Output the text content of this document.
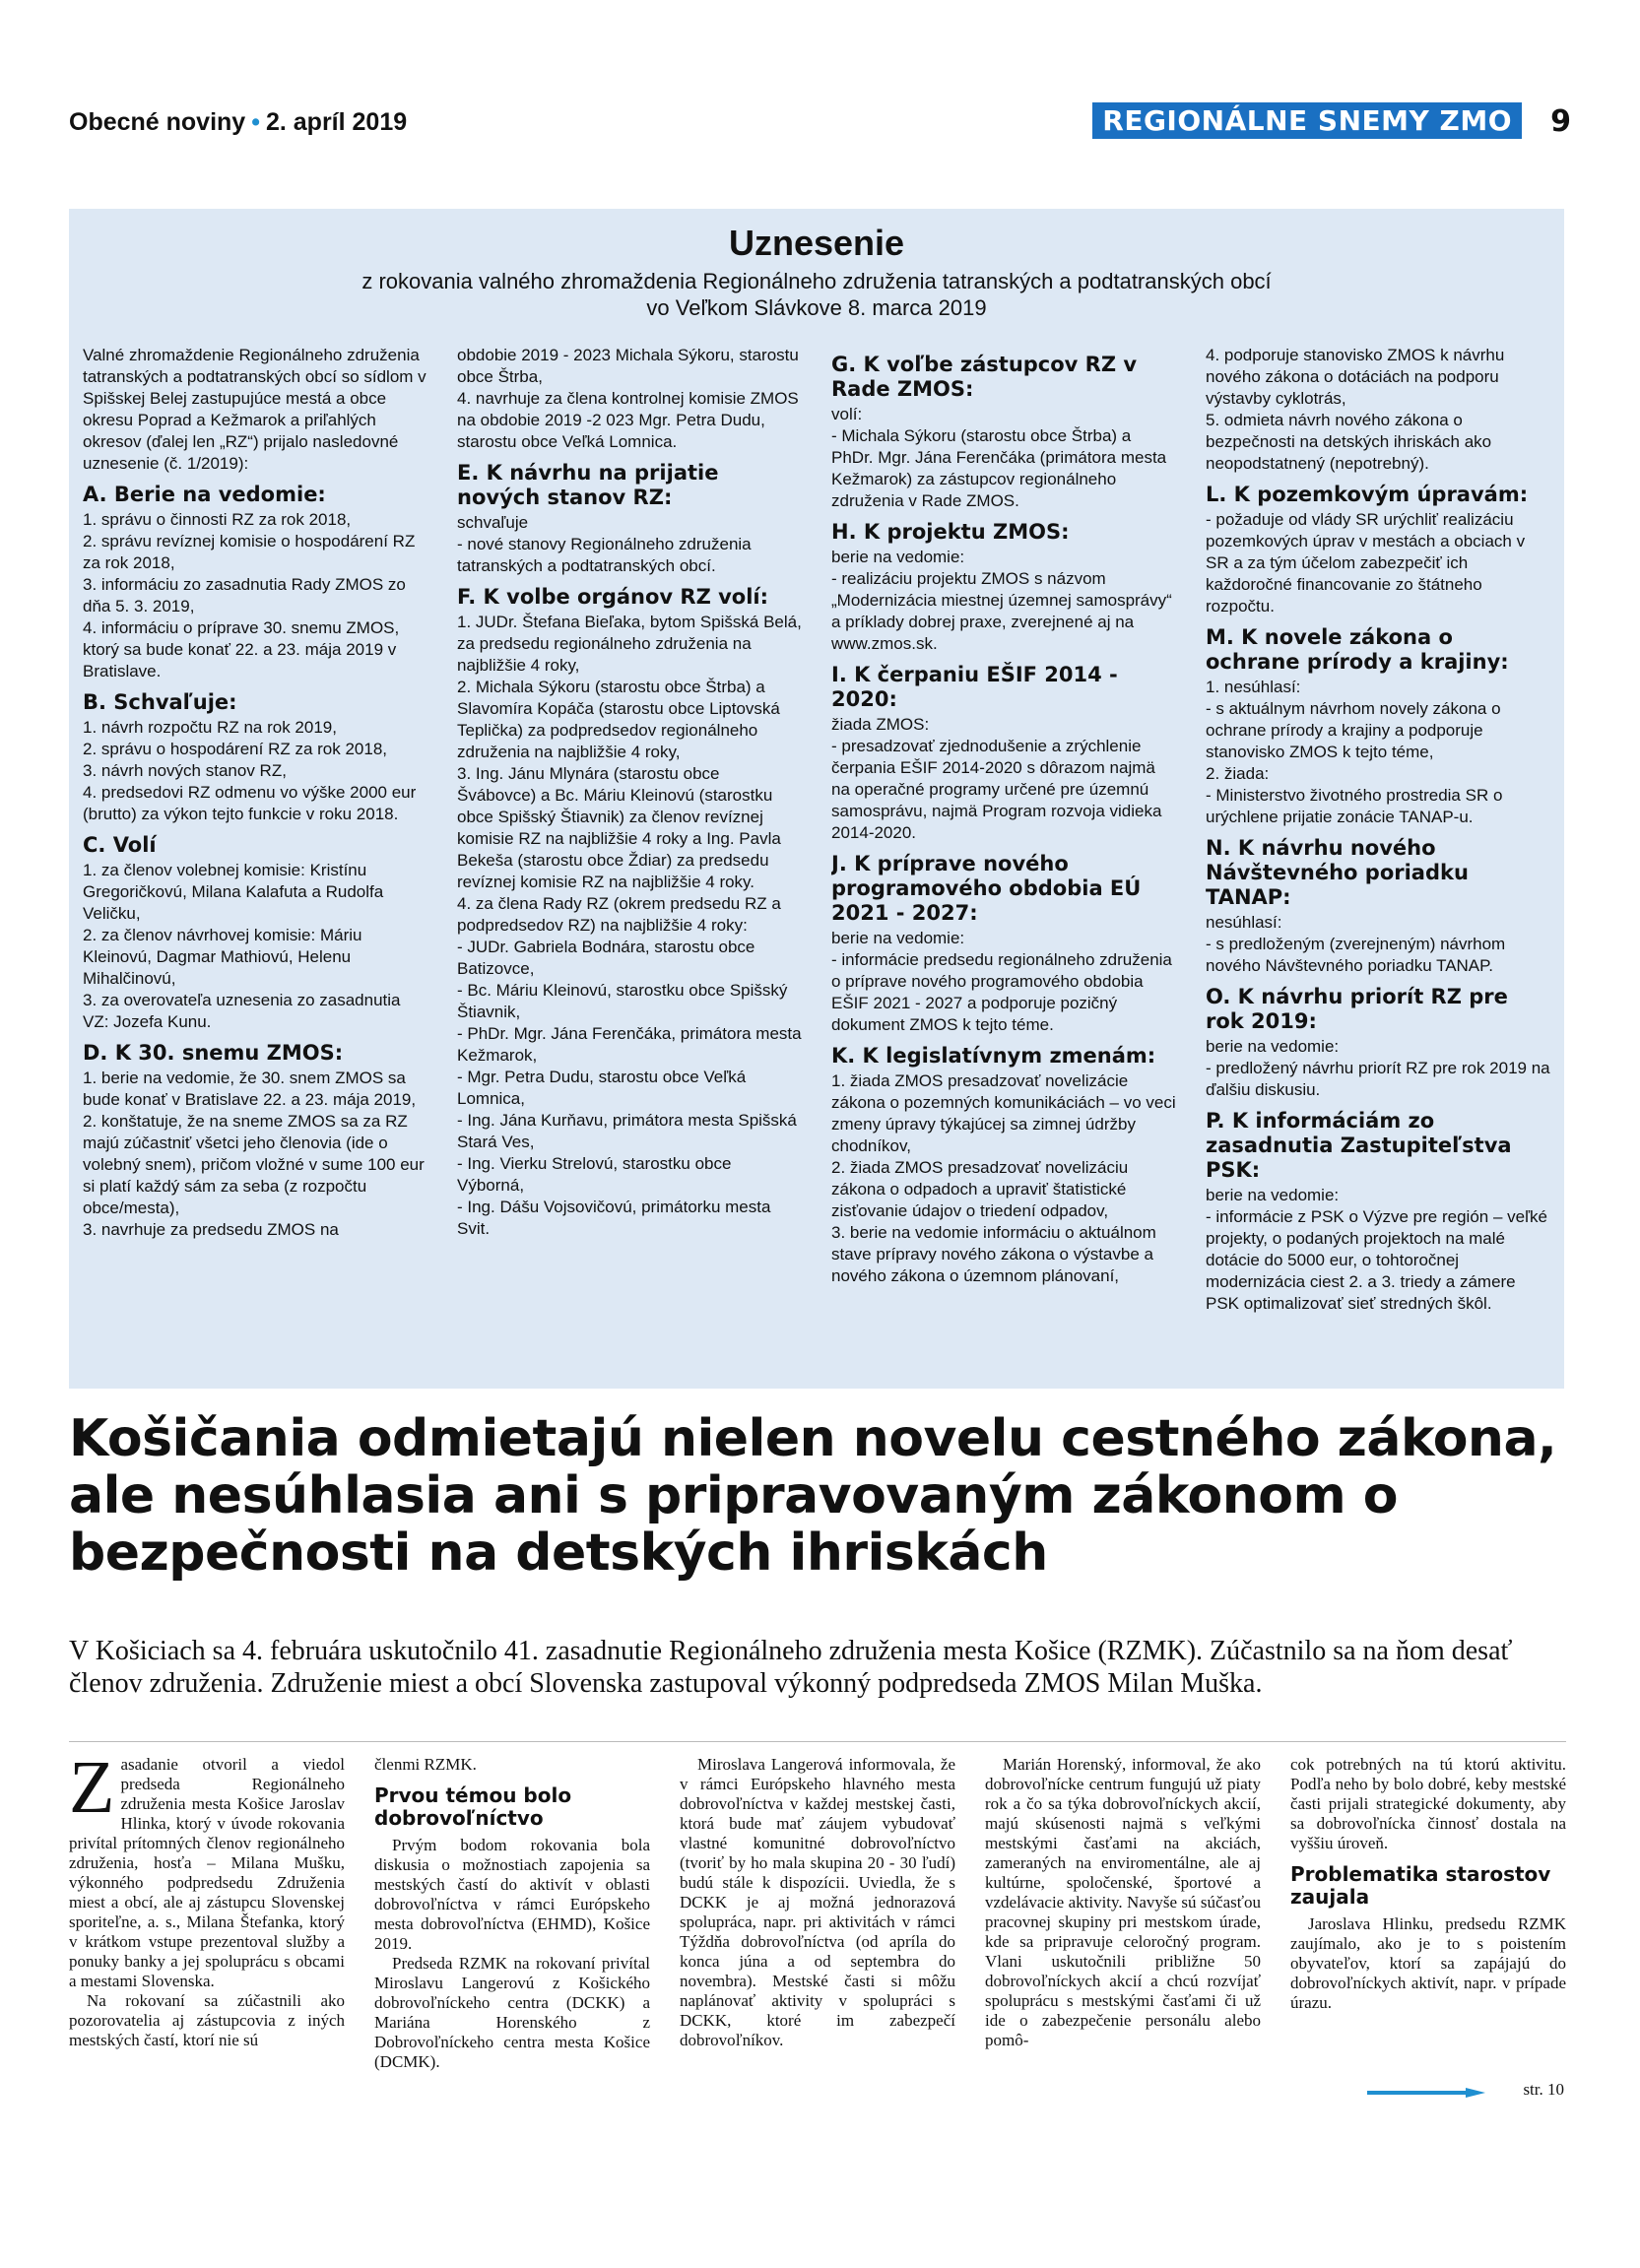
Obecné noviny • 2. apríl 2019	REGIONÁLNE SNEMY ZMO	9
Uznesenie
z rokovania valného zhromaždenia Regionálneho združenia tatranských a podtatranských obcí
vo Veľkom Slávkove 8. marca 2019

Valné zhromaždenie Regionálneho združenia tatranských a podtatranských obcí so sídlom v Spišskej Belej zastupujúce mestá a obce okresu Poprad a Kežmarok a priľahlých okresov (ďalej len „RZ“) prijalo nasledovné uznesenie (č. 1/2019):

A. Berie na vedomie:

1. správu o činnosti RZ za rok 2018,

2. správu revíznej komisie o hospodárení RZ za rok 2018,

3. informáciu zo zasadnutia Rady ZMOS zo dňa 5. 3. 2019,

4. informáciu o príprave 30. snemu ZMOS, ktorý sa bude konať 22. a 23. mája 2019 v Bratislave.

B. Schvaľuje:

1. návrh rozpočtu RZ na rok 2019,

2. správu o hospodárení RZ za rok 2018,

3. návrh nových stanov RZ,

4. predsedovi RZ odmenu vo výške 2000 eur (brutto) za výkon tejto funkcie v roku 2018.

C. Volí

1. za členov volebnej komisie: Kristínu Gregoričkovú, Milana Kalafuta a Rudolfa Veličku,

2. za členov návrhovej komisie: Máriu Kleinovú, Dagmar Mathiovú, Helenu Mihalčinovú,

3. za overovateľa uznesenia zo zasadnutia VZ: Jozefa Kunu.

D. K 30. snemu ZMOS:

1. berie na vedomie, že 30. snem ZMOS sa bude konať v Bratislave 22. a 23. mája 2019,

2. konštatuje, že na sneme ZMOS sa za RZ majú zúčastniť všetci jeho členovia (ide o volebný snem), pričom vložné v sume 100 eur si platí každý sám za seba (z rozpočtu obce/mesta),

3. navrhuje za predsedu ZMOS na

obdobie 2019 - 2023 Michala Sýkoru, starostu obce Štrba,

4. navrhuje za člena kontrolnej komisie ZMOS na obdobie 2019 -2 023 Mgr. Petra Dudu, starostu obce Veľká Lomnica.

E. K návrhu na prijatie nových stanov RZ:

schvaľuje

- nové stanovy Regionálneho združenia tatranských a podtatranských obcí.

F. K volbe orgánov RZ volí:

1. JUDr. Štefana Bieľaka, bytom Spišská Belá, za predsedu regionálneho združenia na najbližšie 4 roky,

2. Michala Sýkoru (starostu obce Štrba) a Slavomíra Kopáča (starostu obce Liptovská Teplička) za podpredsedov regionálneho združenia na najbližšie 4 roky,

3. Ing. Jánu Mlynára (starostu obce Švábovce) a Bc. Máriu Kleinovú (starostku obce Spišský Štiavnik) za členov revíznej komisie RZ na najbližšie 4 roky a Ing. Pavla Bekeša (starostu obce Ždiar) za predsedu revíznej komisie RZ na najbližšie 4 roky.

4. za člena Rady RZ (okrem predsedu RZ a podpredsedov RZ) na najbližšie 4 roky:

- JUDr. Gabriela Bodnára, starostu obce Batizovce,

- Bc. Máriu Kleinovú, starostku obce Spišský Štiavnik,

- PhDr. Mgr. Jána Ferenčáka, primátora mesta Kežmarok,

- Mgr. Petra Dudu, starostu obce Veľká Lomnica,

- Ing. Jána Kurňavu, primátora mesta Spišská Stará Ves,

- Ing. Vierku Strelovú, starostku obce Výborná,

- Ing. Dášu Vojsovičovú, primátorku mesta Svit.

G. K voľbe zástupcov RZ v Rade ZMOS:

volí:

- Michala Sýkoru (starostu obce Štrba) a PhDr. Mgr. Jána Ferenčáka (primátora mesta Kežmarok) za zástupcov regionálneho združenia v Rade ZMOS.

H. K projektu ZMOS:

berie na vedomie:

- realizáciu projektu ZMOS s názvom „Modernizácia miestnej územnej samosprávy“ a príklady dobrej praxe, zverejnené aj na www.zmos.sk.

I. K čerpaniu EŠIF 2014 - 2020:

žiada ZMOS:

- presadzovať zjednodušenie a zrýchlenie čerpania EŠIF 2014-2020 s dôrazom najmä na operačné programy určené pre územnú samosprávu, najmä Program rozvoja vidieka 2014-2020.

J. K príprave nového programového obdobia EÚ 2021 - 2027:

berie na vedomie:

- informácie predsedu regionálneho združenia o príprave nového programového obdobia EŠIF 2021 - 2027 a podporuje pozičný dokument ZMOS k tejto téme.

K. K legislatívnym zmenám:

1. žiada ZMOS presadzovať novelizácie zákona o pozemných komunikáciách – vo veci zmeny úpravy týkajúcej sa zimnej údržby chodníkov,

2. žiada ZMOS presadzovať novelizáciu zákona o odpadoch a upraviť štatistické zisťovanie údajov o triedení odpadov,

3. berie na vedomie informáciu o aktuálnom stave prípravy nového zákona o výstavbe a nového zákona o územnom plánovaní,

4. podporuje stanovisko ZMOS k návrhu nového zákona o dotáciách na podporu výstavby cyklotrás,

5. odmieta návrh nového zákona o bezpečnosti na detských ihriskách ako neopodstatnený (nepotrebný).

L. K pozemkovým úpravám:

- požaduje od vlády SR urýchliť realizáciu pozemkových úprav v mestách a obciach v SR a za tým účelom zabezpečiť ich každoročné financovanie zo štátneho rozpočtu.

M. K novele zákona o ochrane prírody a krajiny:

1. nesúhlasí:

- s aktuálnym návrhom novely zákona o ochrane prírody a krajiny a podporuje stanovisko ZMOS k tejto téme,

2. žiada:

- Ministerstvo životného prostredia SR o urýchlene prijatie zonácie TANAP-u.

N. K návrhu nového Návštevného poriadku TANAP:

nesúhlasí:

- s predloženým (zverejneným) návrhom nového Návštevného poriadku TANAP.

O. K návrhu priorít RZ pre rok 2019:

berie na vedomie:

- predložený návrhu priorít RZ pre rok 2019 na ďalšiu diskusiu.

P. K informáciám zo zasadnutia Zastupiteľstva PSK:

berie na vedomie:

- informácie z PSK o Výzve pre región – veľké projekty, o podaných projektoch na malé dotácie do 5000 eur, o tohtoročnej modernizácia ciest 2. a 3. triedy a zámere PSK optimalizovať sieť stredných škôl.

Košičania odmietajú nielen novelu cestného zákona, ale nesúhlasia ani s pripravovaným zákonom o bezpečnosti na detských ihriskách

V Košiciach sa 4. februára uskutočnilo 41. zasadnutie Regionálneho združenia mesta Košice (RZMK). Zúčastnilo sa na ňom desať členov združenia. Združenie miest a obcí Slovenska zastupoval výkonný podpredseda ZMOS Milan Muška.

Zasadanie otvoril a viedol predseda Regionálneho združenia mesta Košice Jaroslav Hlinka, ktorý v úvode rokovania privítal prítomných členov regionálneho združenia, hosťa – Milana Mušku, výkonného podpredsedu Združenia miest a obcí, ale aj zástupcu Slovenskej sporiteľne, a. s., Milana Štefanka, ktorý v krátkom vstupe prezentoval služby a ponuky banky a jej spoluprácu s obcami a mestami Slovenska.

Na rokovaní sa zúčastnili ako pozorovatelia aj zástupcovia z iných mestských častí, ktorí nie sú

členmi RZMK.

Prvou témou bolo dobrovoľníctvo

Prvým bodom rokovania bola diskusia o možnostiach zapojenia sa mestských častí do aktivít v oblasti dobrovoľníctva v rámci Európskeho mesta dobrovoľníctva (EHMD), Košice 2019.

Predseda RZMK na rokovaní privítal Miroslavu Langerovú z Košického dobrovoľníckeho centra (DCKK) a Mariána Horenského z Dobrovoľníckeho centra mesta Košice (DCMK).

Miroslava Langerová informovala, že v rámci Európskeho hlavného mesta dobrovoľníctva v každej mestskej časti, ktorá bude mať záujem vybudovať vlastné komunitné dobrovoľníctvo (tvoriť by ho mala skupina 20 - 30 ľudí) budú stále k dispozícii. Uviedla, že s DCKK je aj možná jednorazová spolupráca, napr. pri aktivitách v rámci Týždňa dobrovoľníctva (od apríla do konca júna a od septembra do novembra). Mestské časti si môžu naplánovať aktivity v spolupráci s DCKK, ktoré im zabezpečí dobrovoľníkov.

Marián Horenský, informoval, že ako dobrovoľnícke centrum fungujú už piaty rok a čo sa týka dobrovoľníckych akcií, majú skúsenosti najmä s veľkými mestskými časťami na akciách, zameraných na enviromentálne, ale aj kultúrne, spoločenské, športové a vzdelávacie aktivity. Navyše sú súčasťou pracovnej skupiny pri mestskom úrade, kde sa pripravuje celoročný program. Vlani uskutočnili približne 50 dobrovoľníckych akcií a chcú rozvíjať spoluprácu s mestskými časťami či už ide o zabezpečenie personálu alebo pomô-

cok potrebných na tú ktorú aktivitu. Podľa neho by bolo dobré, keby mestské časti prijali strategické dokumenty, aby sa dobrovoľnícka činnosť dostala na vyššiu úroveň.

Problematika starostov zaujala

Jaroslava Hlinku, predsedu RZMK zaujímalo, ako je to s poistením obyvateľov, ktorí sa zapájajú do dobrovoľníckych aktivít, napr. v prípade úrazu.

str. 10
